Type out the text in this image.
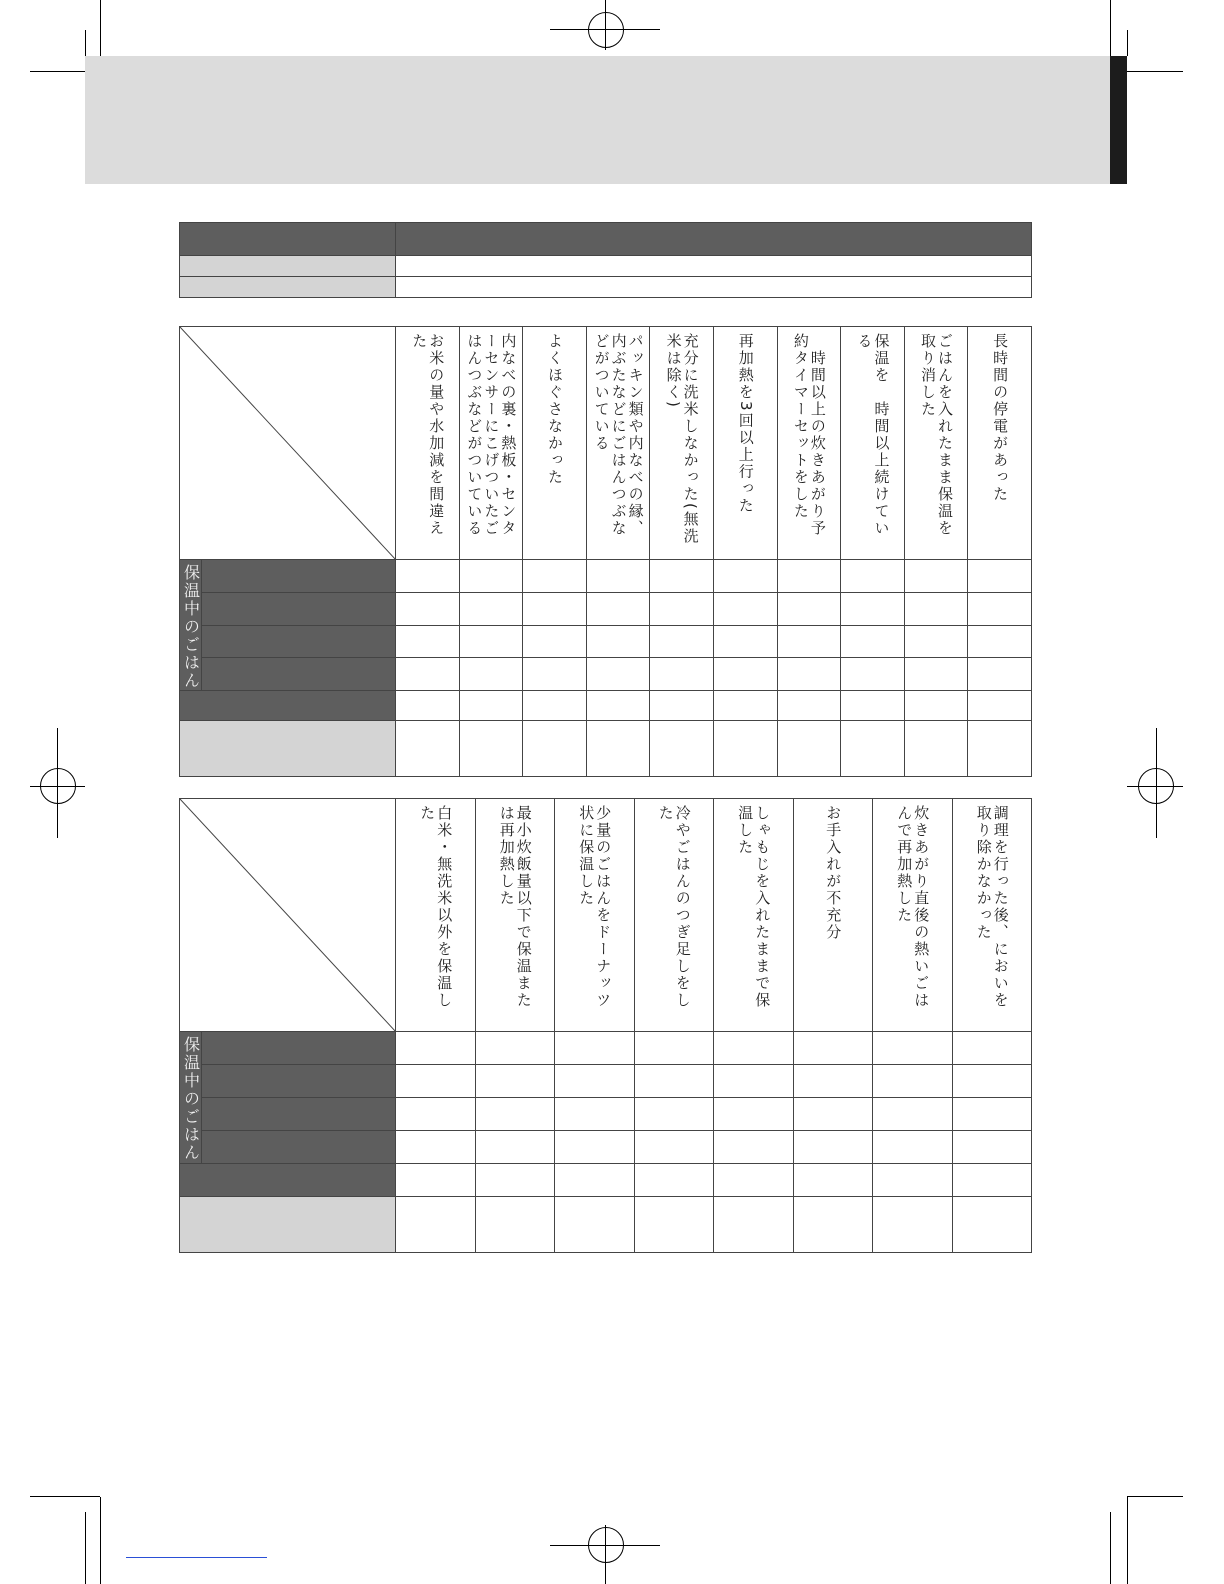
お米の量や水加減を間違えた	内なべの裏・熱板・センターセンサーにこげついたごはんつぶなどがついている	よくほぐさなかった	パッキン類や内なべの縁、内ぶたなどにごはんつぶなどがついている	充分に洗米しなかった(無洗米は除く)	再加熱を3回以上行った	　時間以上の炊きあがり予約タイマーセットをした	保温を　時間以上続けている	ごはんを入れたまま保温を取り消した	長時間の停電があった

保温中のごはん											

白米・無洗米以外を保温した	最小炊飯量以下で保温または再加熱した	少量のごはんをドーナッツ状に保温した	冷やごはんのつぎ足しをした	しゃもじを入れたままで保温した	お手入れが不充分	炊きあがり直後の熱いごはんで再加熱した	調理を行った後、においを取り除かなかった

保温中のごはん									
